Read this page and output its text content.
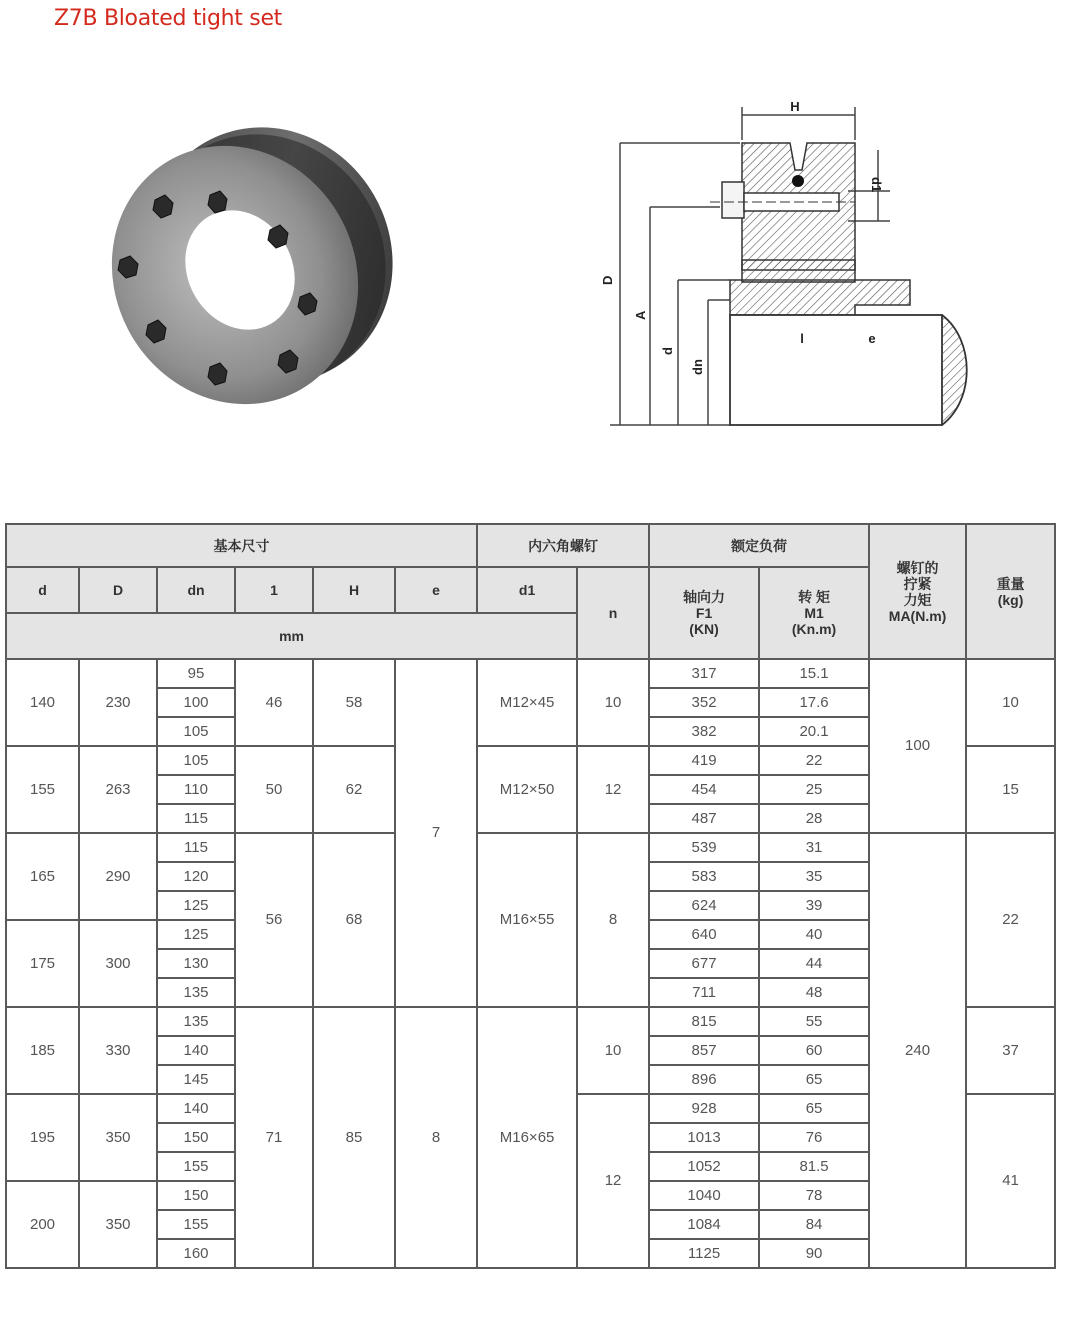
Z7B Bloated tight set
H
D
A
d
dn
l	e
d1
基本尺寸						内六角螺钉		额定负荷		螺钉的
拧紧
力矩
MA(N.m)	重量
(kg)
d	D	dn	1	H	e	d1	n	轴向力
F1
(KN)	转 矩
M1
(Kn.m)		
mm											
140	230	95	46	58	7	M12×45	10	317	15.1	100	10
		100						352	17.6		
		105						382	20.1		
155	263	105	50	62		M12×50	12	419	22		15
		110						454	25		
		115						487	28		
165	290	115	56	68		M16×55	8	539	31	240	22
		120						583	35		
		125						624	39		
175	300	125						640	40		
		130						677	44		
		135						711	48		
185	330	135	71	85	8	M16×65	10	815	55		37
		140						857	60		
		145						896	65		
195	350	140					12	928	65		41
		150						1013	76		
		155						1052	81.5		
200	350	150						1040	78		
		155						1084	84		
		160						1125	90		
